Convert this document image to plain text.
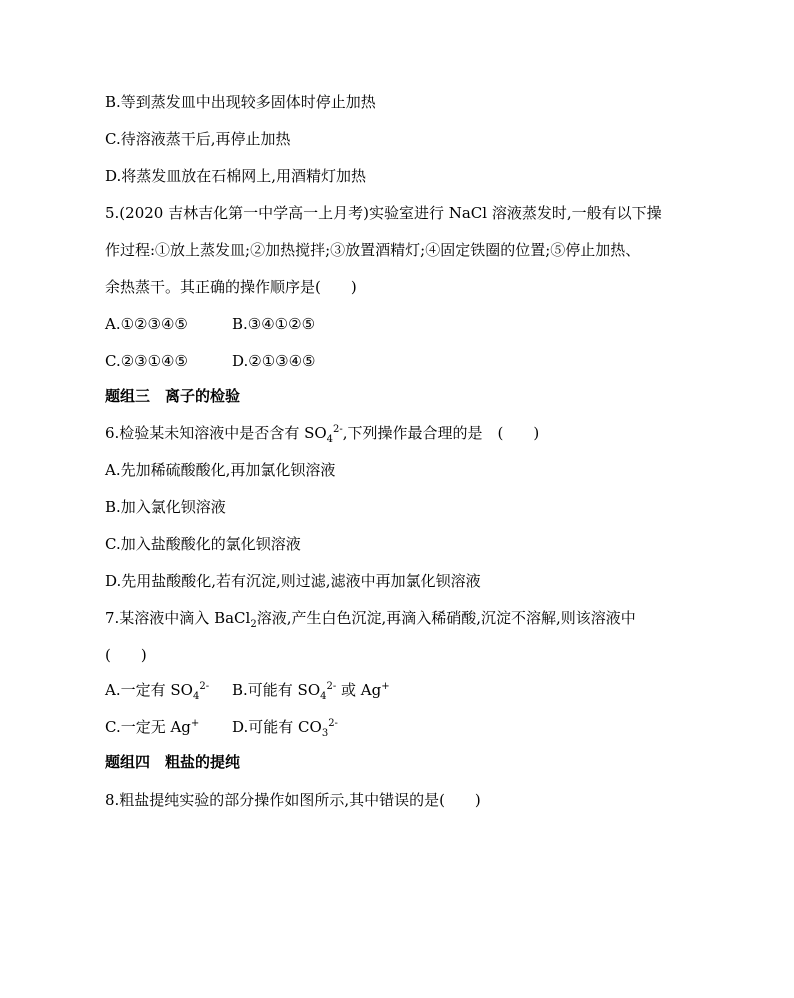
B.等到蒸发皿中出现较多固体时停止加热
C.待溶液蒸干后,再停止加热
D.将蒸发皿放在石棉网上,用酒精灯加热
5.(2020 吉林吉化第一中学高一上月考)实验室进行 NaCl 溶液蒸发时,一般有以下操
作过程:①放上蒸发皿;②加热搅拌;③放置酒精灯;④固定铁圈的位置;⑤停止加热、
余热蒸干。其正确的操作顺序是(　　)
A.①②③④⑤	B.③④①②⑤
C.②③①④⑤	D.②①③④⑤
题组三　离子的检验
6.检验某未知溶液中是否含有 $SO_4^{2-}$,下列操作最合理的是　(　　)
A.先加稀硫酸酸化,再加氯化钡溶液
B.加入氯化钡溶液
C.加入盐酸酸化的氯化钡溶液
D.先用盐酸酸化,若有沉淀,则过滤,滤液中再加氯化钡溶液
7.某溶液中滴入 BaCl$_2$溶液,产生白色沉淀,再滴入稀硝酸,沉淀不溶解,则该溶液中
(　　)
A.一定有 $SO_4^{2-}$ B.可能有 $SO_4^{2-}$ 或 Ag+
C.一定无 Ag+ D.可能有 $CO_3^{2-}$
题组四　粗盐的提纯
8.粗盐提纯实验的部分操作如图所示,其中错误的是(　　)
